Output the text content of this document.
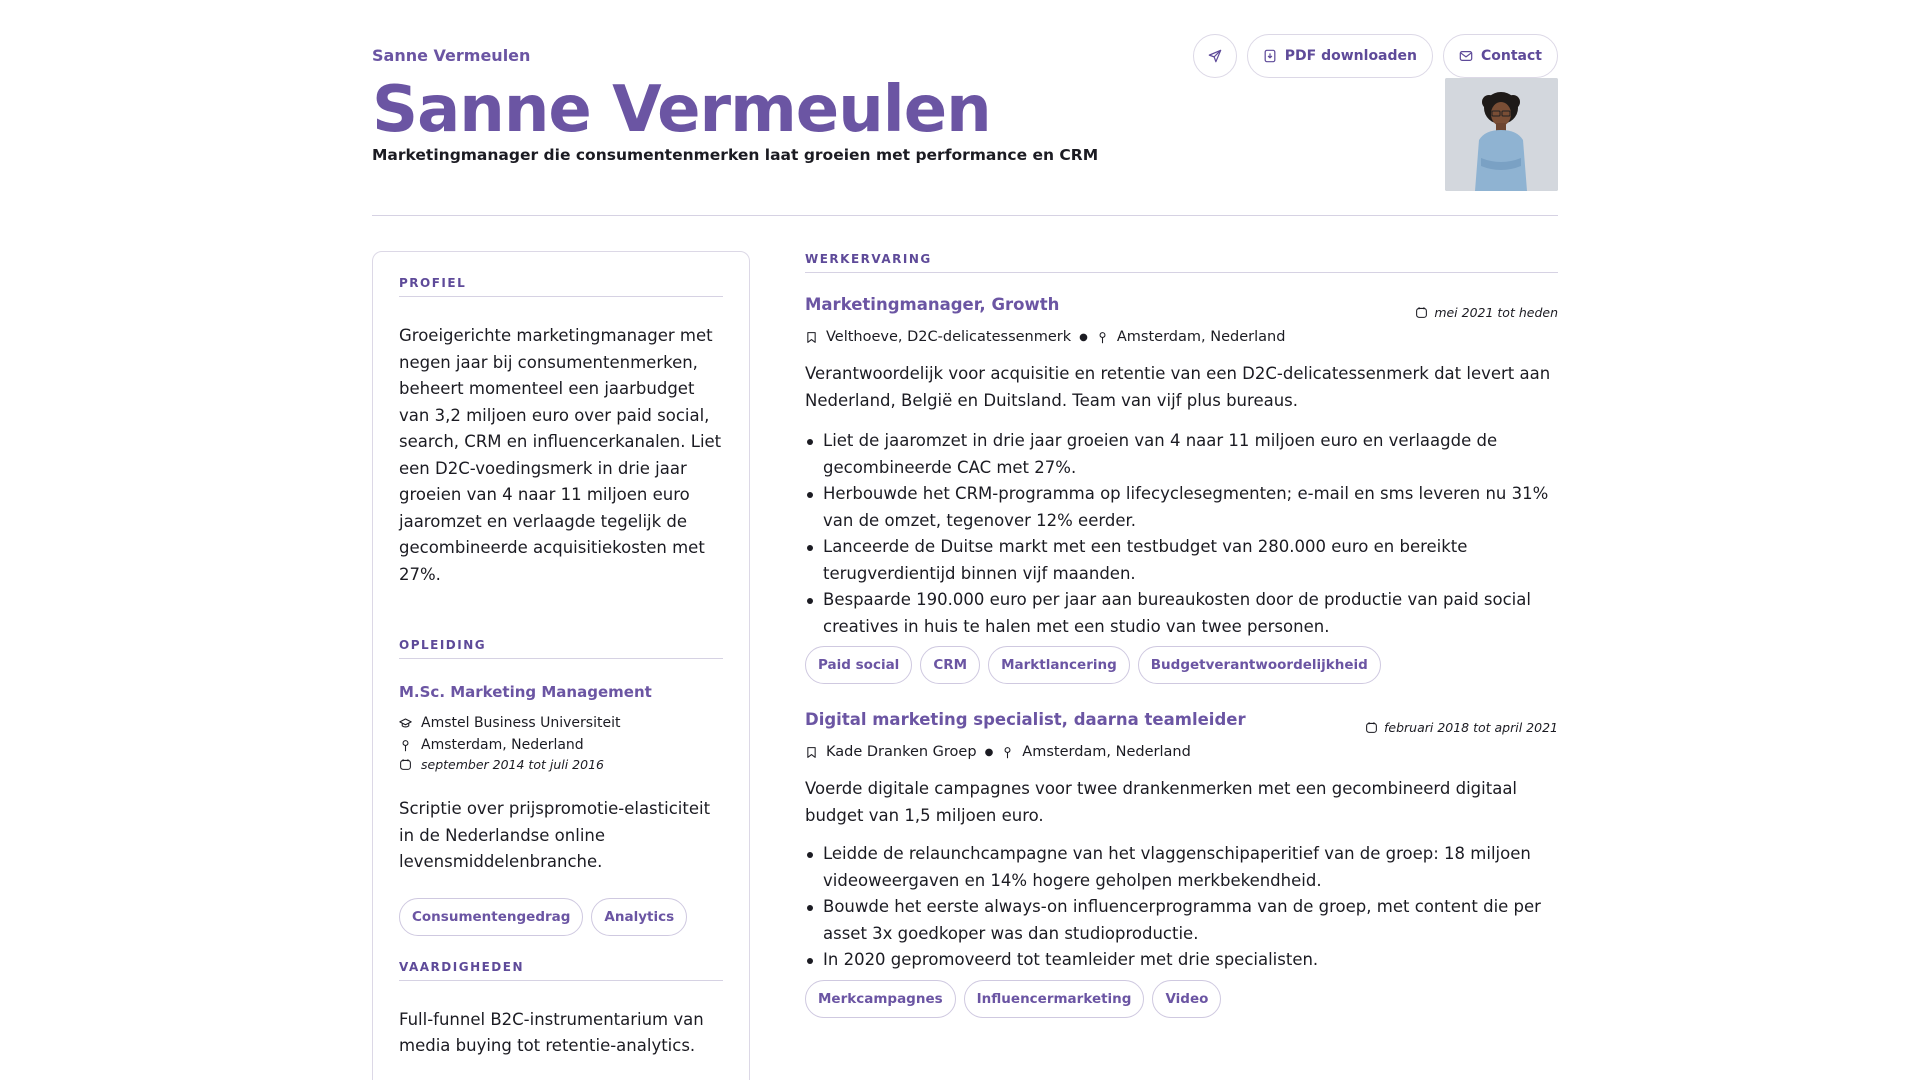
Sanne Vermeulen
Sanne Vermeulen
Marketingmanager die consumentenmerken laat groeien met performance en CRM
PDF downloaden	Contact
PROFIEL

Groeigerichte marketingmanager met negen jaar bij consumentenmerken, beheert momenteel een jaarbudget van 3,2 miljoen euro over paid social, search, CRM en influencerkanalen. Liet een D2C-voedingsmerk in drie jaar groeien van 4 naar 11 miljoen euro jaaromzet en verlaagde tegelijk de gecombineerde acquisitiekosten met 27%.

OPLEIDING
M.Sc. Marketing Management
Amstel Business Universiteit
Amsterdam, Nederland
september 2014 tot juli 2016

Scriptie over prijspromotie-elasticiteit in de Nederlandse online levensmiddelenbranche.

Consumentengedrag	Analytics
VAARDIGHEDEN

Full-funnel B2C-instrumentarium van media buying tot retentie-analytics.

WERKERVARING
Marketingmanager, Growth	mei 2021 tot heden
Velthoeve, D2C-delicatessenmerk ● Amsterdam, Nederland

Verantwoordelijk voor acquisitie en retentie van een D2C-delicatessenmerk dat levert aan Nederland, België en Duitsland. Team van vijf plus bureaus.

Liet de jaaromzet in drie jaar groeien van 4 naar 11 miljoen euro en verlaagde de gecombineerde CAC met 27%.
Herbouwde het CRM-programma op lifecyclesegmenten; e-mail en sms leveren nu 31% van de omzet, tegenover 12% eerder.
Lanceerde de Duitse markt met een testbudget van 280.000 euro en bereikte terugverdientijd binnen vijf maanden.
Bespaarde 190.000 euro per jaar aan bureaukosten door de productie van paid social creatives in huis te halen met een studio van twee personen.
Paid social	CRM	Marktlancering	Budgetverantwoordelijkheid
Digital marketing specialist, daarna teamleider	februari 2018 tot april 2021
Kade Dranken Groep ● Amsterdam, Nederland

Voerde digitale campagnes voor twee drankenmerken met een gecombineerd digitaal budget van 1,5 miljoen euro.

Leidde de relaunchcampagne van het vlaggenschipaperitief van de groep: 18 miljoen videoweergaven en 14% hogere geholpen merkbekendheid.
Bouwde het eerste always-on influencerprogramma van de groep, met content die per asset 3x goedkoper was dan studioproductie.
In 2020 gepromoveerd tot teamleider met drie specialisten.
Merkcampagnes	Influencermarketing	Video
